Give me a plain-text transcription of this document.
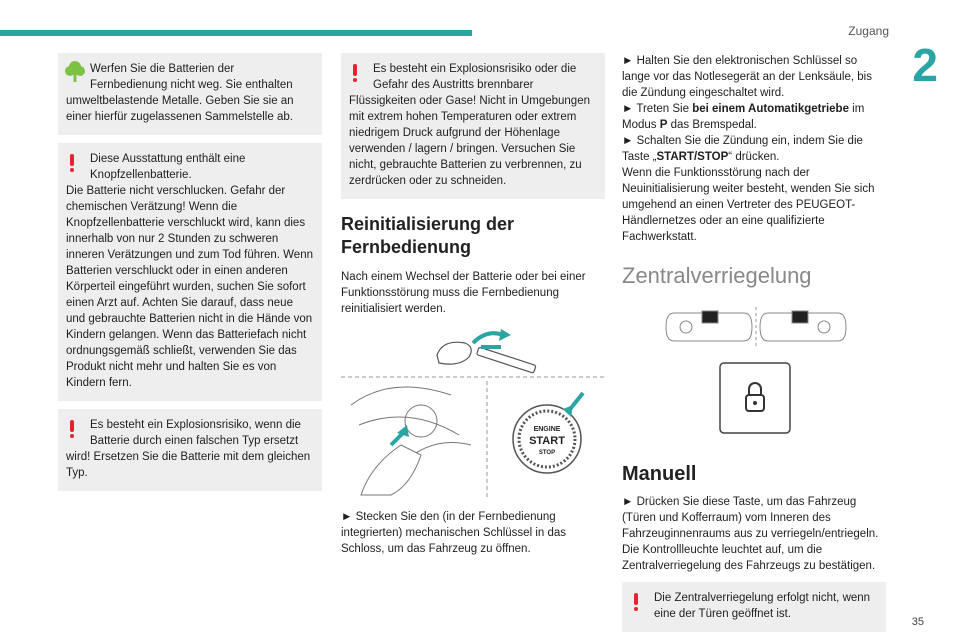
Zugang
2
35
Werfen Sie die Batterien der Fernbedienung nicht weg. Sie enthalten
umweltbelastende Metalle. Geben Sie sie an einer hierfür zugelassenen Sammelstelle ab.
Diese Ausstattung enthält eine Knopfzellenbatterie.
Die Batterie nicht verschlucken. Gefahr der chemischen Verätzung! Wenn die Knopfzellenbatterie verschluckt wird, kann dies innerhalb von nur 2 Stunden zu schweren inneren Verätzungen und zum Tod führen. Wenn Batterien verschluckt oder in einen anderen Körperteil eingeführt wurden, suchen Sie sofort einen Arzt auf. Achten Sie darauf, dass neue und gebrauchte Batterien nicht in die Hände von Kindern gelangen. Wenn das Batteriefach nicht ordnungsgemäß schließt, verwenden Sie das Produkt nicht mehr und halten Sie es von Kindern fern.
Es besteht ein Explosionsrisiko, wenn die Batterie durch einen falschen Typ ersetzt
wird! Ersetzen Sie die Batterie mit dem gleichen Typ.
Es besteht ein Explosionsrisiko oder die Gefahr des Austritts brennbarer
Flüssigkeiten oder Gase! Nicht in Umgebungen mit extrem hohen Temperaturen oder extrem niedrigem Druck aufgrund der Höhenlage verwenden / lagern / bringen. Versuchen Sie nicht, gebrauchte Batterien zu verbrennen, zu zerdrücken oder zu schneiden.
Reinitialisierung der Fernbedienung

Nach einem Wechsel der Batterie oder bei einer Funktionsstörung muss die Fernbedienung reinitialisiert werden.

ENGINE
START
STOP

► Stecken Sie den (in der Fernbedienung integrierten) mechanischen Schlüssel in das Schloss, um das Fahrzeug zu öffnen.

► Halten Sie den elektronischen Schlüssel so lange vor das Notlesegerät an der Lenksäule, bis die Zündung eingeschaltet wird.

► Treten Sie bei einem Automatikgetriebe im Modus P das Bremspedal.

► Schalten Sie die Zündung ein, indem Sie die Taste „START/STOP“ drücken.

Wenn die Funktionsstörung nach der Neuinitialisierung weiter besteht, wenden Sie sich umgehend an einen Vertreter des PEUGEOT-Händlernetzes oder an eine qualifizierte Fachwerkstatt.

Zentralverriegelung
Manuell

► Drücken Sie diese Taste, um das Fahrzeug (Türen und Kofferraum) vom Inneren des Fahrzeuginnenraums aus zu verriegeln/entriegeln. Die Kontrollleuchte leuchtet auf, um die Zentralverriegelung des Fahrzeugs zu bestätigen.

Die Zentralverriegelung erfolgt nicht, wenn eine der Türen geöffnet ist.
